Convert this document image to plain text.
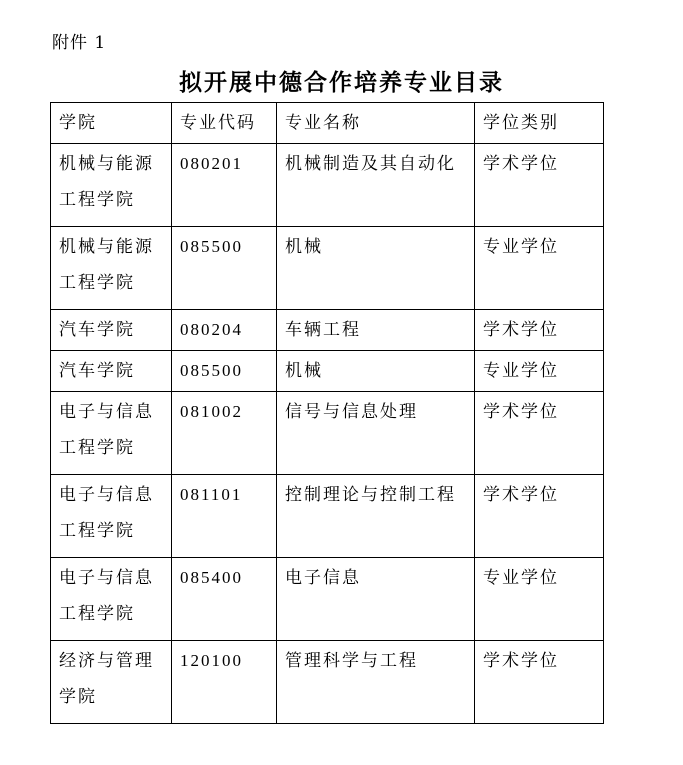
附件 1
拟开展中德合作培养专业目录
学院	专业代码	专业名称	学位类别
机械与能源工程学院	080201	机械制造及其自动化	学术学位
机械与能源工程学院	085500	机械	专业学位
汽车学院	080204	车辆工程	学术学位
汽车学院	085500	机械	专业学位
电子与信息工程学院	081002	信号与信息处理	学术学位
电子与信息工程学院	081101	控制理论与控制工程	学术学位
电子与信息工程学院	085400	电子信息	专业学位
经济与管理学院	120100	管理科学与工程	学术学位
